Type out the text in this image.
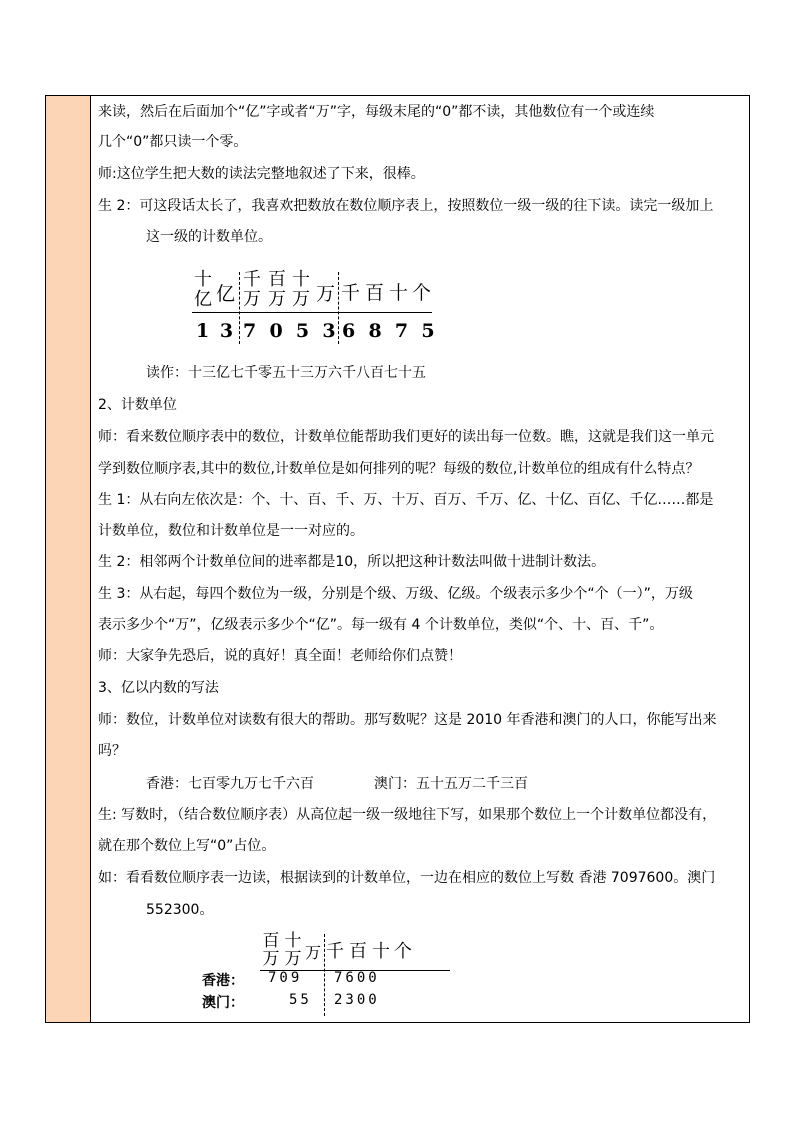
来读，然后在后面加个“亿”字或者“万”字，每级末尾的“0”都不读，其他数位有一个或连续
几个“0”都只读一个零。
师:这位学生把大数的读法完整地叙述了下来，很棒。
生 2：可这段话太长了，我喜欢把数放在数位顺序表上，按照数位一级一级的往下读。读完一级加上
这一级的计数单位。
十
亿 亿
千
万
百
万
十
万 万 千 百 十 个
1 3 7  0  5  3 6  8  7  5
读作：十三亿七千零五十三万六千八百七十五
2、计数单位
师：看来数位顺序表中的数位，计数单位能帮助我们更好的读出每一位数。瞧，这就是我们这一单元
学到数位顺序表,其中的数位,计数单位是如何排列的呢？每级的数位,计数单位的组成有什么特点？
生 1：从右向左依次是：个、十、百、千、万、十万、百万、千万、亿、十亿、百亿、千亿……都是
计数单位，数位和计数单位是一一对应的。
生 2：相邻两个计数单位间的进率都是10，所以把这种计数法叫做十进制计数法。
生 3：从右起，每四个数位为一级，分别是个级、万级、亿级。个级表示多少个“个（一）”，万级
表示多少个“万”，亿级表示多少个“亿”。每一级有 4 个计数单位，类似“个、十、百、千”。
师：大家争先恐后，说的真好！真全面！老师给你们点赞！
3、亿以内数的写法
师：数位，计数单位对读数有很大的帮助。那写数呢？这是 2010 年香港和澳门的人口，你能写出来
吗？
香港：七百零九万七千六百	澳门：五十五万二千三百
生: 写数时，（结合数位顺序表）从高位起一级一级地往下写，如果那个数位上一个计数单位都没有，
就在那个数位上写“0”占位。
如：看看数位顺序表一边读，根据读到的计数单位，一边在相应的数位上写数 香港 7097600。澳门
552300。
百
万
十
万 万 千 百 十 个
香港： 709 7600
澳门：	55 2300
